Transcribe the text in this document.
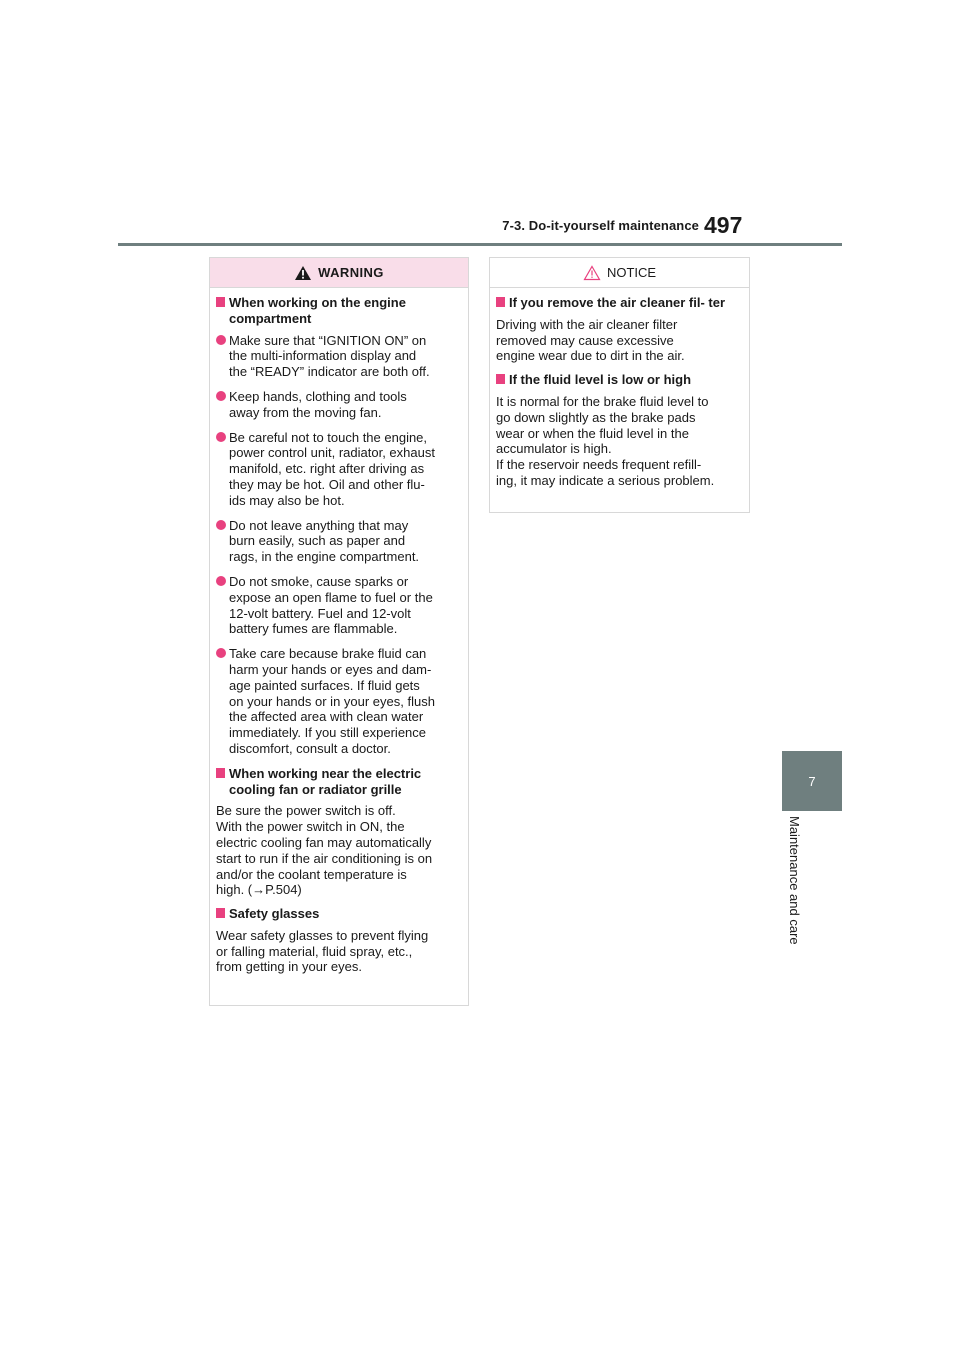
7-3. Do-it-yourself maintenance 497
7
Maintenance and care
WARNING
When working on the engine compartment
Make sure that “IGNITION ON” on
the multi-information display and
the “READY” indicator are both off.
Keep hands, clothing and tools
away from the moving fan.
Be careful not to touch the engine,
power control unit, radiator, exhaust
manifold, etc. right after driving as
they may be hot. Oil and other flu-
ids may also be hot.
Do not leave anything that may
burn easily, such as paper and
rags, in the engine compartment.
Do not smoke, cause sparks or
expose an open flame to fuel or the
12-volt battery. Fuel and 12-volt
battery fumes are flammable.
Take care because brake fluid can
harm your hands or eyes and dam-
age painted surfaces. If fluid gets
on your hands or in your eyes, flush
the affected area with clean water
immediately. If you still experience
discomfort, consult a doctor.
When working near the electric cooling fan or radiator grille
Be sure the power switch is off.
With the power switch in ON, the
electric cooling fan may automatically
start to run if the air conditioning is on
and/or the coolant temperature is
high. (→P.504)
Safety glasses
Wear safety glasses to prevent flying
or falling material, fluid spray, etc.,
from getting in your eyes.
NOTICE
If you remove the air cleaner fil- ter
Driving with the air cleaner filter
removed may cause excessive
engine wear due to dirt in the air.
If the fluid level is low or high
It is normal for the brake fluid level to
go down slightly as the brake pads
wear or when the fluid level in the
accumulator is high.
If the reservoir needs frequent refill-
ing, it may indicate a serious problem.
